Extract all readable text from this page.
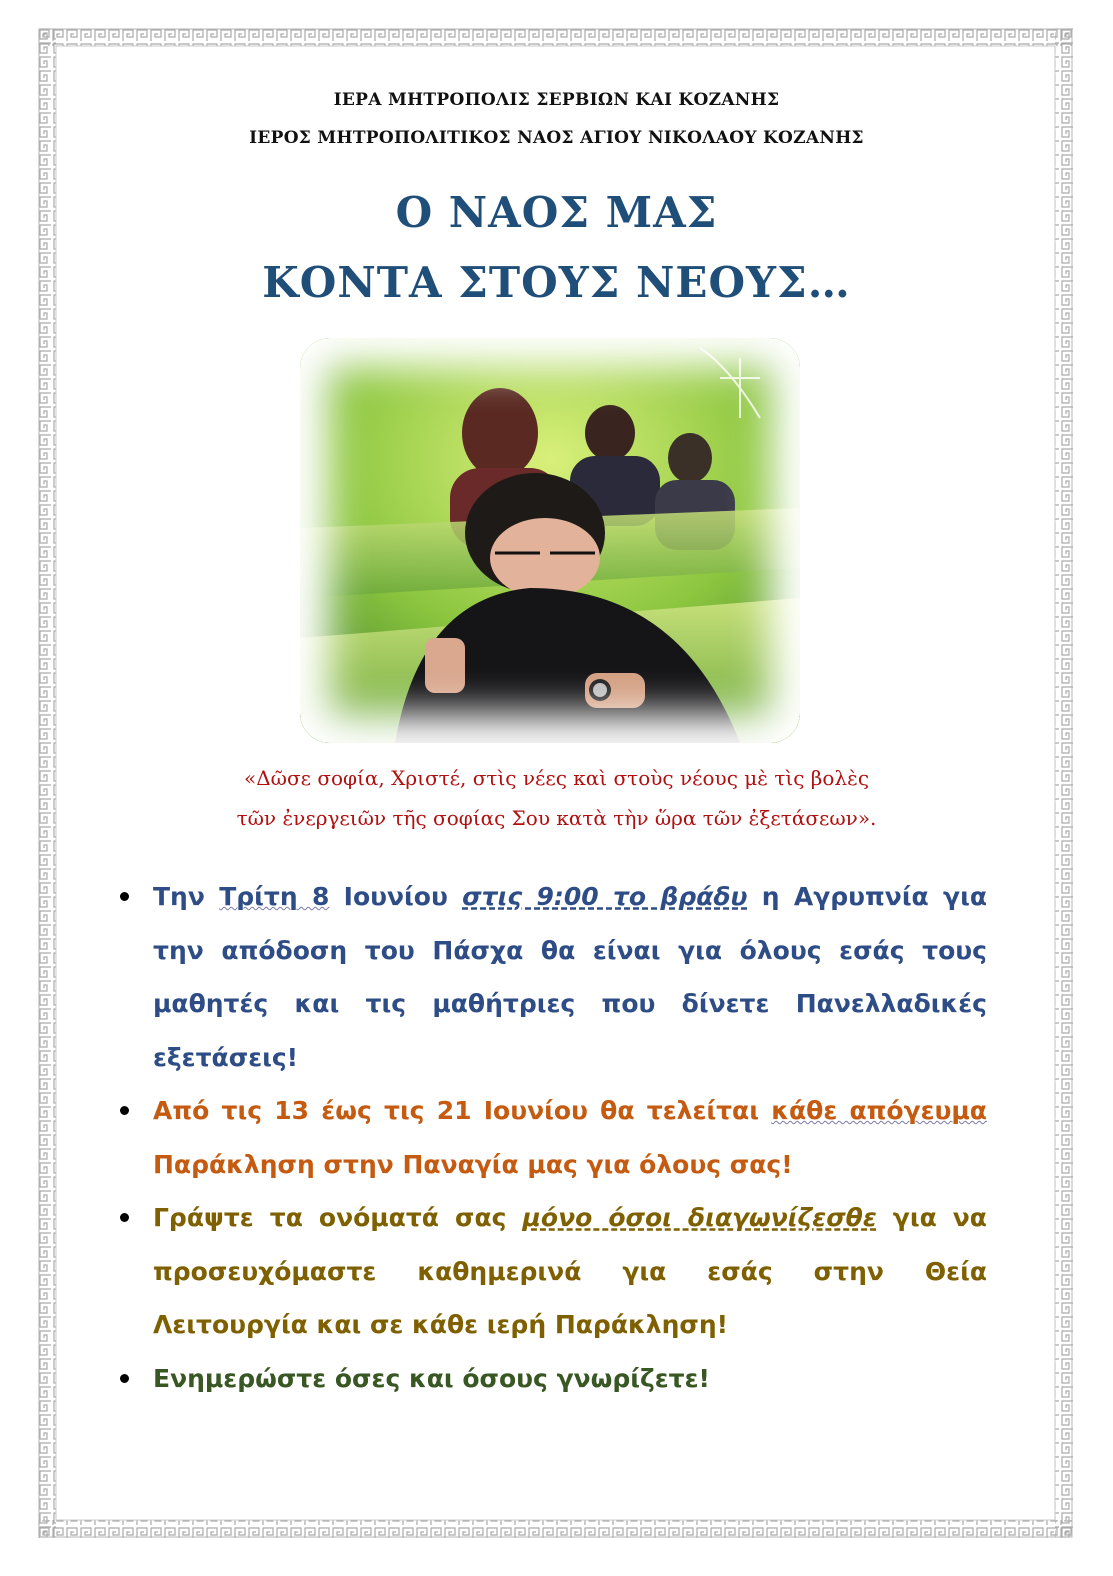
ΙΕΡΑ ΜΗΤΡΟΠΟΛΙΣ ΣΕΡΒΙΩΝ ΚΑΙ ΚΟΖΑΝΗΣ

ΙΕΡΟΣ ΜΗΤΡΟΠΟΛΙΤΙΚΟΣ ΝΑΟΣ ΑΓΙΟΥ ΝΙΚΟΛΑΟΥ ΚΟΖΑΝΗΣ

Ο ΝΑΟΣ ΜΑΣ
ΚΟΝΤΑ ΣΤΟΥΣ ΝΕΟΥΣ…
«Δῶσε σοφία, Χριστέ, στὶς νέες καὶ στοὺς νέους μὲ τὶς βολὲς
τῶν ἐνεργειῶν τῆς σοφίας Σου κατὰ τὴν ὥρα τῶν ἐξετάσεων».
Την Τρίτη 8 Ιουνίου στις 9:00 το βράδυ η Αγρυπνία για την απόδοση του Πάσχα θα είναι για όλους εσάς τους μαθητές και τις μαθήτριες που δίνετε Πανελλαδικές εξετάσεις!
Από τις 13 έως τις 21 Ιουνίου θα τελείται κάθε απόγευμα Παράκληση στην Παναγία μας για όλους σας!
Γράψτε τα ονόματά σας μόνο όσοι διαγωνίζεσθε για να προσευχόμαστε καθημερινά για εσάς στην Θεία Λειτουργία και σε κάθε ιερή Παράκληση!
Ενημερώστε όσες και όσους γνωρίζετε!
